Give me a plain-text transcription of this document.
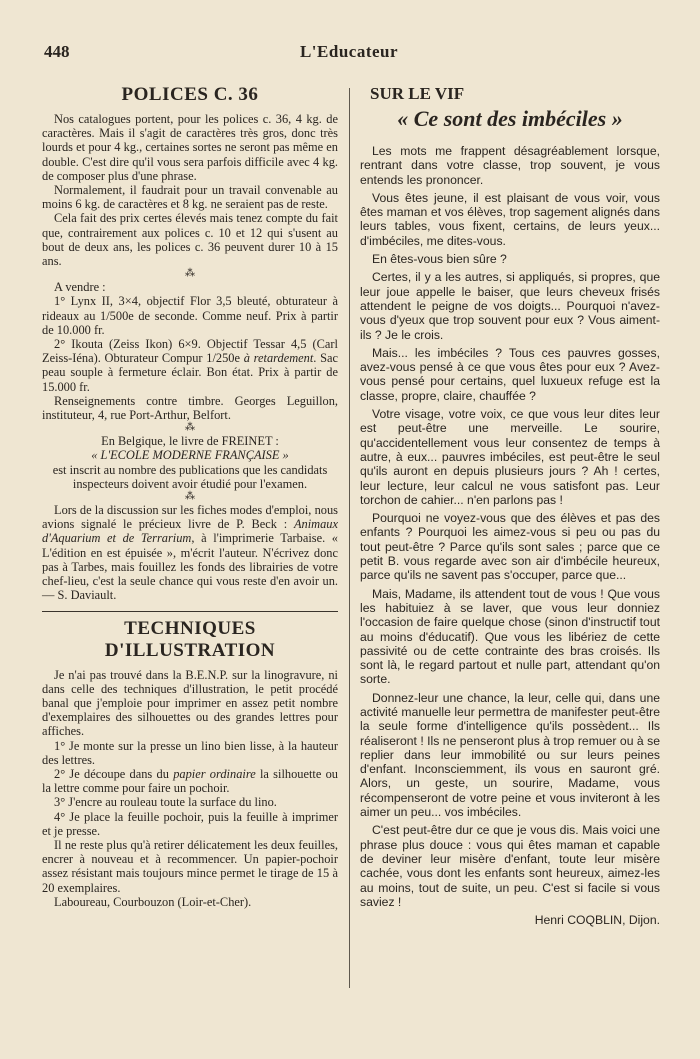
448	L'Educateur
POLICES C. 36

Nos catalogues portent, pour les polices c. 36, 4 kg. de caractères. Mais il s'agit de caractères très gros, donc très lourds et pour 4 kg., certaines sortes ne seront pas même en double. C'est dire qu'il vous sera parfois difficile avec 4 kg. de composer plus d'une phrase.

Normalement, il faudrait pour un travail convenable au moins 6 kg. de caractères et 8 kg. ne seraient pas de reste.

Cela fait des prix certes élevés mais tenez compte du fait que, contrairement aux polices c. 10 et 12 qui s'usent au bout de deux ans, les polices c. 36 peuvent durer 10 à 15 ans.

⁂

A vendre :

1° Lynx II, 3×4, objectif Flor 3,5 bleuté, obturateur à rideaux au 1/500e de seconde. Comme neuf. Prix à partir de 10.000 fr.

2° Ikouta (Zeiss Ikon) 6×9. Objectif Tessar 4,5 (Carl Zeiss-Iéna). Obturateur Compur 1/250e à retardement. Sac peau souple à fermeture éclair. Bon état. Prix à partir de 15.000 fr.

Renseignements contre timbre. Georges Leguillon, instituteur, 4, rue Port-Arthur, Belfort.

⁂

En Belgique, le livre de FREINET :

« L'ECOLE MODERNE FRANÇAISE »

est inscrit au nombre des publications que les candidats inspecteurs doivent avoir étudié pour l'examen.

⁂

Lors de la discussion sur les fiches modes d'emploi, nous avions signalé le précieux livre de P. Beck : Animaux d'Aquarium et de Terrarium, à l'imprimerie Tarbaise. « L'édition en est épuisée », m'écrit l'auteur. N'écrivez donc pas à Tarbes, mais fouillez les fonds des librairies de votre chef-lieu, c'est la seule chance qui vous reste d'en avoir un. — S. Daviault.

TECHNIQUES D'ILLUSTRATION

Je n'ai pas trouvé dans la B.E.N.P. sur la linogravure, ni dans celle des techniques d'illustration, le petit procédé banal que j'emploie pour imprimer en assez petit nombre d'exemplaires des silhouettes ou des grandes lettres pour affiches.

1° Je monte sur la presse un lino bien lisse, à la hauteur des lettres.

2° Je découpe dans du papier ordinaire la silhouette ou la lettre comme pour faire un pochoir.

3° J'encre au rouleau toute la surface du lino.

4° Je place la feuille pochoir, puis la feuille à imprimer et je presse.

Il ne reste plus qu'à retirer délicatement les deux feuilles, encrer à nouveau et à recommencer. Un papier-pochoir assez résistant mais toujours mince permet le tirage de 15 à 20 exemplaires.

Laboureau, Courbouzon (Loir-et-Cher).

SUR LE VIF
« Ce sont des imbéciles »

Les mots me frappent désagréablement lorsque, rentrant dans votre classe, trop souvent, je vous entends les prononcer.

Vous êtes jeune, il est plaisant de vous voir, vous êtes maman et vos élèves, trop sagement alignés dans leurs tables, vous fixent, certains, de leurs yeux... d'imbéciles, me dites-vous.

En êtes-vous bien sûre ?

Certes, il y a les autres, si appliqués, si propres, que leur joue appelle le baiser, que leurs cheveux frisés attendent le peigne de vos doigts... Pourquoi n'avez-vous d'yeux que trop souvent pour eux ? Vous aiment-ils ? Je le crois.

Mais... les imbéciles ? Tous ces pauvres gosses, avez-vous pensé à ce que vous êtes pour eux ? Avez-vous pensé pour certains, quel luxueux refuge est la classe, propre, claire, chauffée ?

Votre visage, votre voix, ce que vous leur dites leur est peut-être une merveille. Le sourire, qu'accidentellement vous leur consentez de temps à autre, à eux... pauvres imbéciles, est peut-être le seul qu'ils auront en depuis plusieurs jours ? Ah ! certes, leur lecture, leur calcul ne vous satisfont pas. Leur torchon de cahier... n'en parlons pas !

Pourquoi ne voyez-vous que des élèves et pas des enfants ? Pourquoi les aimez-vous si peu ou pas du tout peut-être ? Parce qu'ils sont sales ; parce que ce petit B. vous regarde avec son air d'imbécile heureux, parce qu'ils ne savent pas s'occuper, parce que...

Mais, Madame, ils attendent tout de vous ! Que vous les habituiez à se laver, que vous leur donniez l'occasion de faire quelque chose (sinon d'instructif tout au moins d'éducatif). Que vous les libériez de cette passivité ou de cette contrainte des bras croisés. Ils sont là, le regard partout et nulle part, attendant qu'on sorte.

Donnez-leur une chance, la leur, celle qui, dans une activité manuelle leur permettra de manifester peut-être la seule forme d'intelligence qu'ils possèdent... Ils réaliseront ! Ils ne penseront plus à trop remuer ou à se replier dans leur immobilité ou sur leurs peines d'enfant. Inconsciemment, ils vous en sauront gré. Alors, un geste, un sourire, Madame, vous récompenseront de votre peine et vous inviteront à les aimer un peu... vos imbéciles.

C'est peut-être dur ce que je vous dis. Mais voici une phrase plus douce : vous qui êtes maman et capable de deviner leur misère d'enfant, toute leur misère cachée, vous dont les enfants sont heureux, aimez-les au moins, tout de suite, un peu. C'est si facile si vous saviez !

Henri COQBLIN, Dijon.
